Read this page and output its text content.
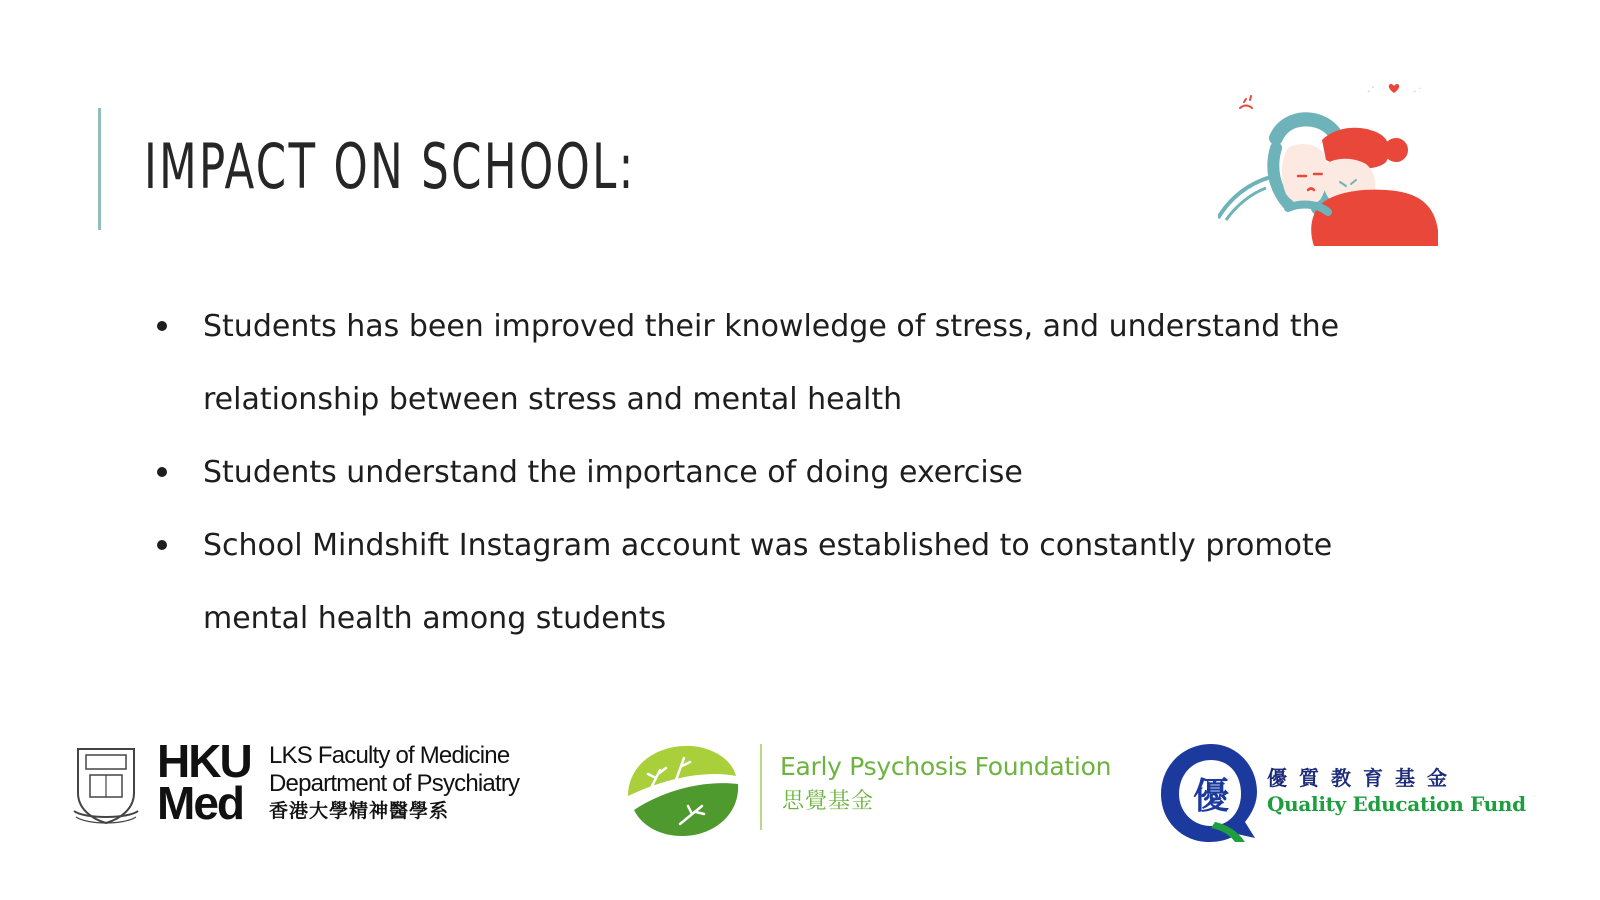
IMPACT ON SCHOOL:
Students has been improved their knowledge of stress, and understand the relationship between stress and mental health
Students understand the importance of doing exercise
School Mindshift Instagram account was established to constantly promote mental health among students
HKU
Med
LKS Faculty of Medicine
Department of Psychiatry
香港大學精神醫學系
Early Psychosis Foundation
思覺基金	優 優質教育基金
Quality Education Fund
